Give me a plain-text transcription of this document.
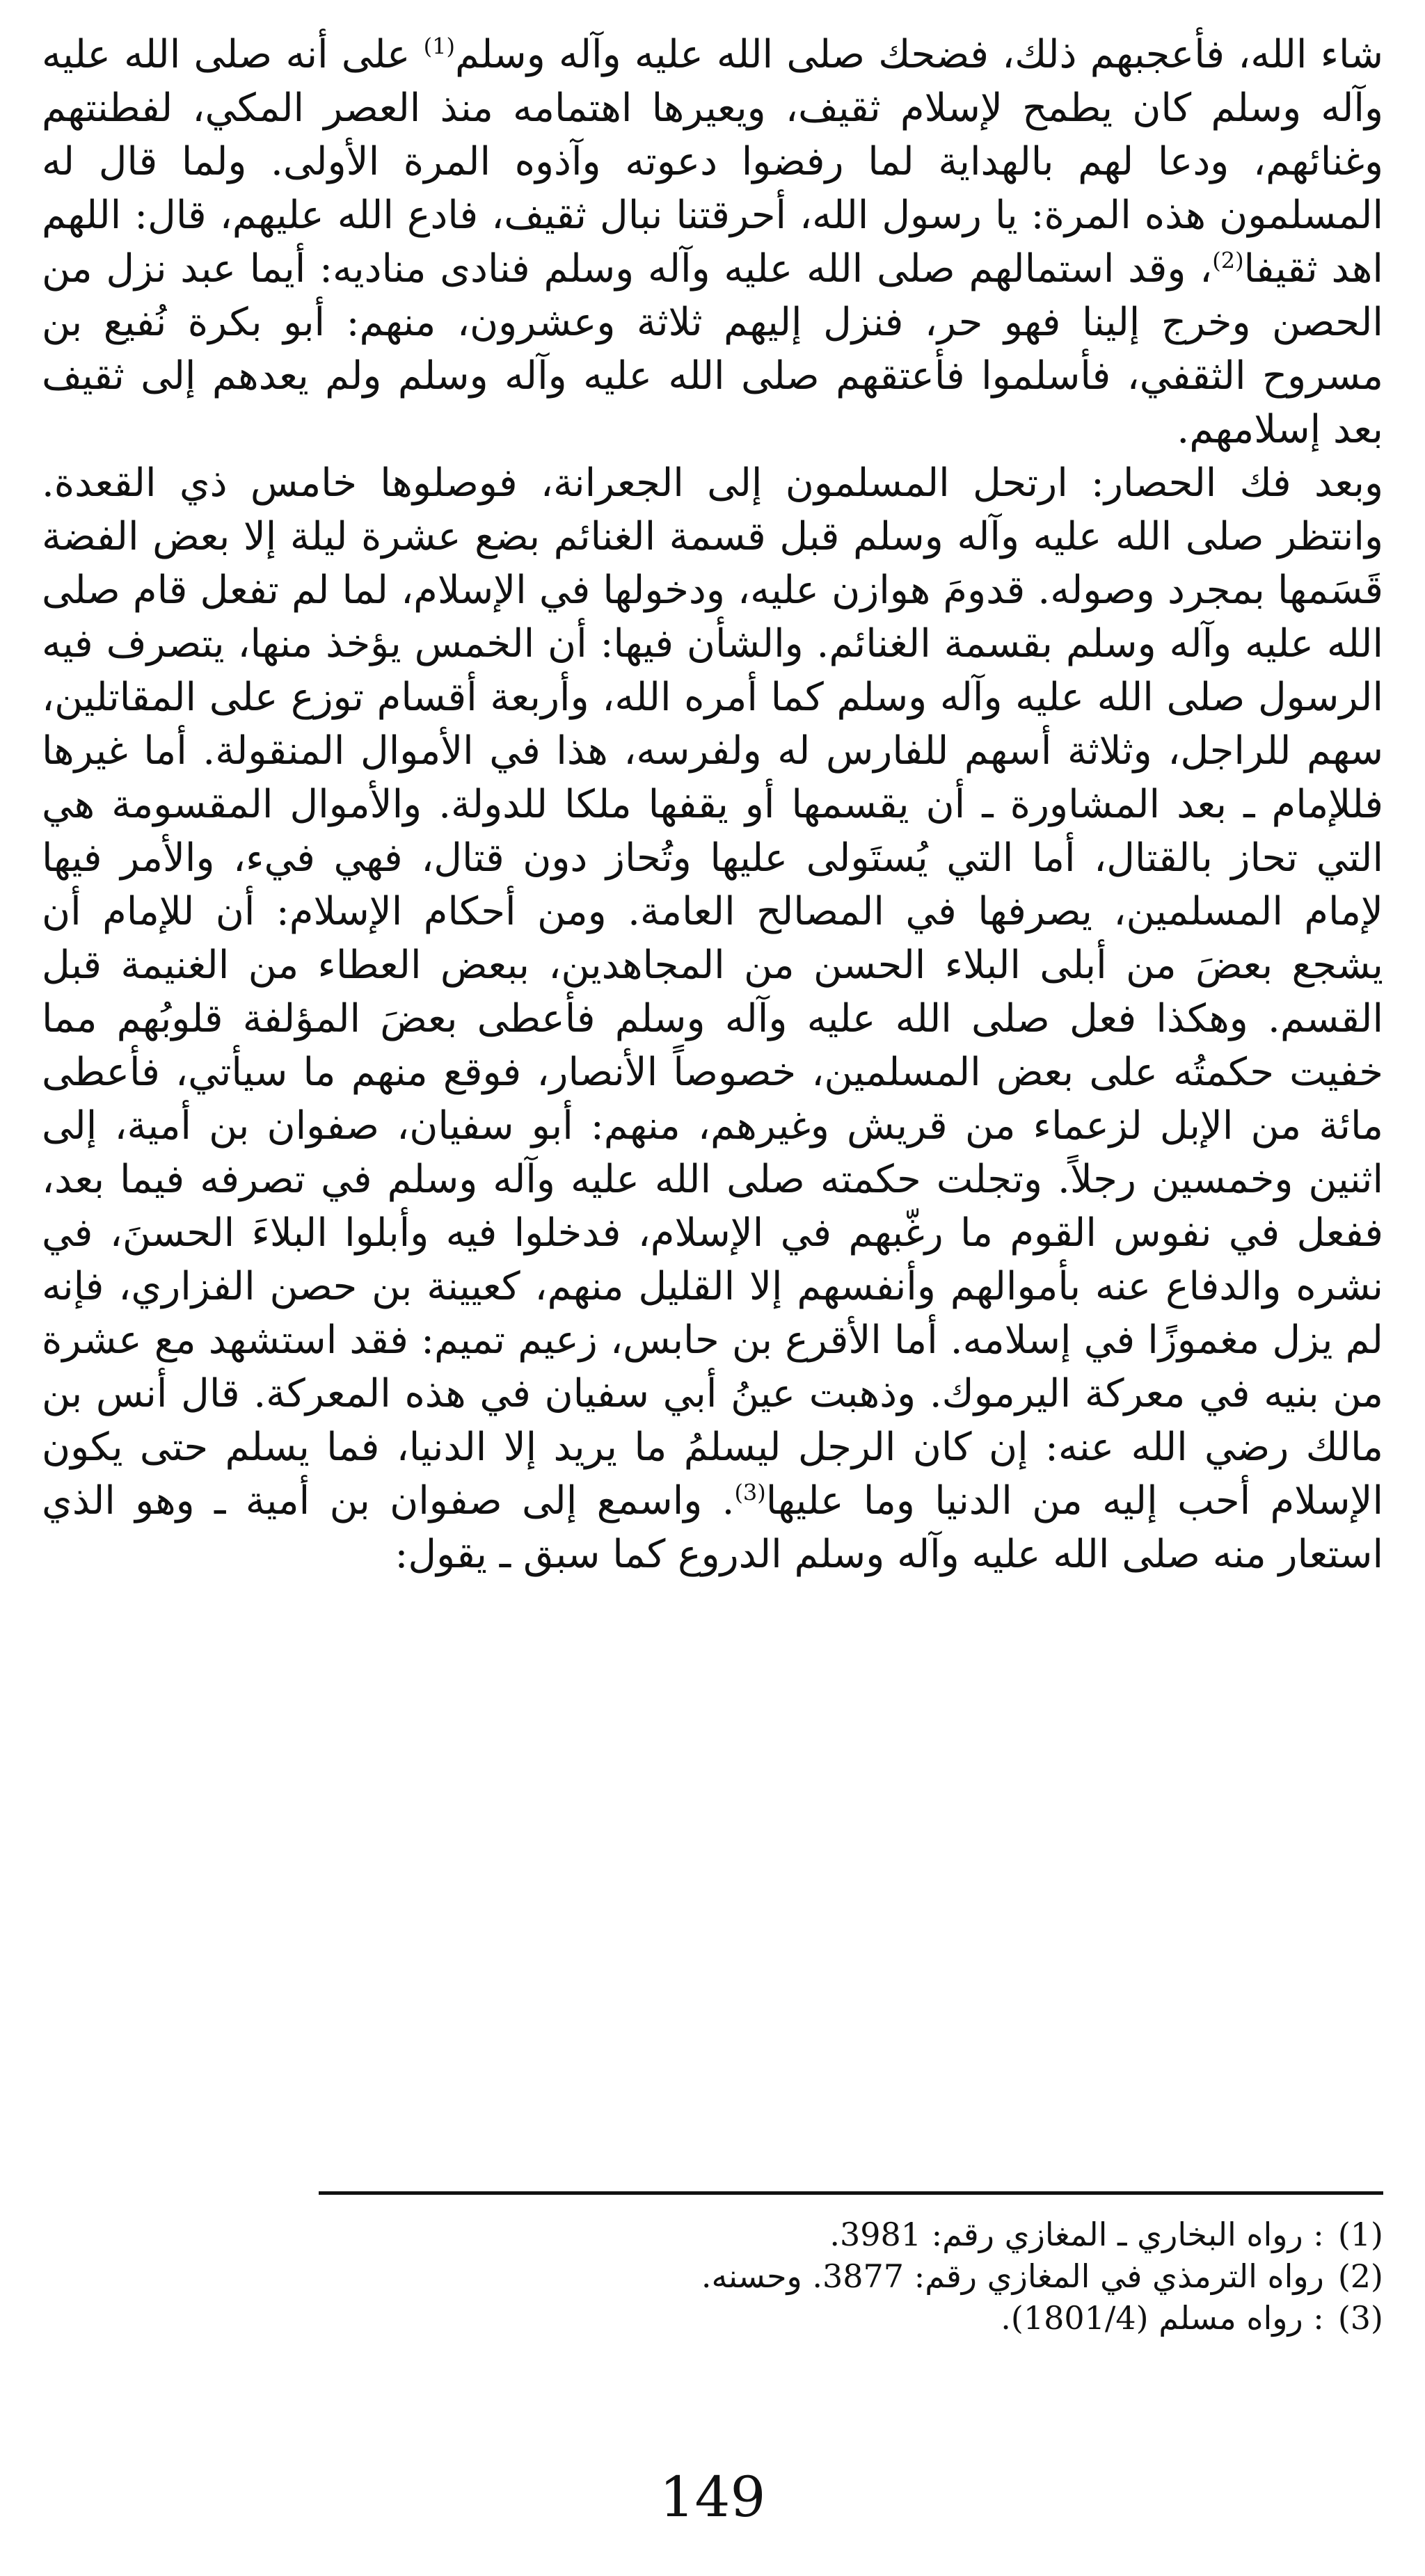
شاء الله، فأعجبهم ذلك، فضحك صلى الله عليه وآله وسلم$^{(1)}$ على أنه صلى الله عليه وآله وسلم كان يطمح لإسلام ثقيف، ويعيرها اهتمامه منذ العصر المكي، لفطنتهم وغنائهم، ودعا لهم بالهداية لما رفضوا دعوته وآذوه المرة الأولى. ولما قال له المسلمون هذه المرة: يا رسول الله، أحرقتنا نبال ثقيف، فادع الله عليهم، قال: اللهم اهد ثقيفا$^{(2)}$، وقد استمالهم صلى الله عليه وآله وسلم فنادى مناديه: أيما عبد نزل من الحصن وخرج إلينا فهو حر، فنزل إليهم ثلاثة وعشرون، منهم: أبو بكرة نُفيع بن مسروح الثقفي، فأسلموا فأعتقهم صلى الله عليه وآله وسلم ولم يعدهم إلى ثقيف بعد إسلامهم.

وبعد فك الحصار: ارتحل المسلمون إلى الجعرانة، فوصلوها خامس ذي القعدة. وانتظر صلى الله عليه وآله وسلم قبل قسمة الغنائم بضع عشرة ليلة إلا بعض الفضة قَسَمها بمجرد وصوله. قدومَ هوازن عليه، ودخولها في الإسلام، لما لم تفعل قام صلى الله عليه وآله وسلم بقسمة الغنائم. والشأن فيها: أن الخمس يؤخذ منها، يتصرف فيه الرسول صلى الله عليه وآله وسلم كما أمره الله، وأربعة أقسام توزع على المقاتلين، سهم للراجل، وثلاثة أسهم للفارس له ولفرسه، هذا في الأموال المنقولة. أما غيرها فللإمام ـ بعد المشاورة ـ أن يقسمها أو يقفها ملكا للدولة. والأموال المقسومة هي التي تحاز بالقتال، أما التي يُستَولى عليها وتُحاز دون قتال، فهي فيء، والأمر فيها لإمام المسلمين، يصرفها في المصالح العامة. ومن أحكام الإسلام: أن للإمام أن يشجع بعضَ من أبلى البلاء الحسن من المجاهدين، ببعض العطاء من الغنيمة قبل القسم. وهكذا فعل صلى الله عليه وآله وسلم فأعطى بعضَ المؤلفة قلوبُهم مما خفيت حكمتُه على بعض المسلمين، خصوصاً الأنصار، فوقع منهم ما سيأتي، فأعطى مائة من الإبل لزعماء من قريش وغيرهم، منهم: أبو سفيان، صفوان بن أمية، إلى اثنين وخمسين رجلاً. وتجلت حكمته صلى الله عليه وآله وسلم في تصرفه فيما بعد، ففعل في نفوس القوم ما رغّبهم في الإسلام، فدخلوا فيه وأبلوا البلاءَ الحسنَ، في نشره والدفاع عنه بأموالهم وأنفسهم إلا القليل منهم، كعيينة بن حصن الفزاري، فإنه لم يزل مغموزًا في إسلامه. أما الأقرع بن حابس، زعيم تميم: فقد استشهد مع عشرة من بنيه في معركة اليرموك. وذهبت عينُ أبي سفيان في هذه المعركة. قال أنس بن مالك رضي الله عنه: إن كان الرجل ليسلمُ ما يريد إلا الدنيا، فما يسلم حتى يكون الإسلام أحب إليه من الدنيا وما عليها$^{(3)}$. واسمع إلى صفوان بن أمية ـ وهو الذي استعار منه صلى الله عليه وآله وسلم الدروع كما سبق ـ يقول:

(1): رواه البخاري ـ المغازي رقم: 3981.

(2)رواه الترمذي في المغازي رقم: 3877. وحسنه.

(3): رواه مسلم (1801/4).

149
